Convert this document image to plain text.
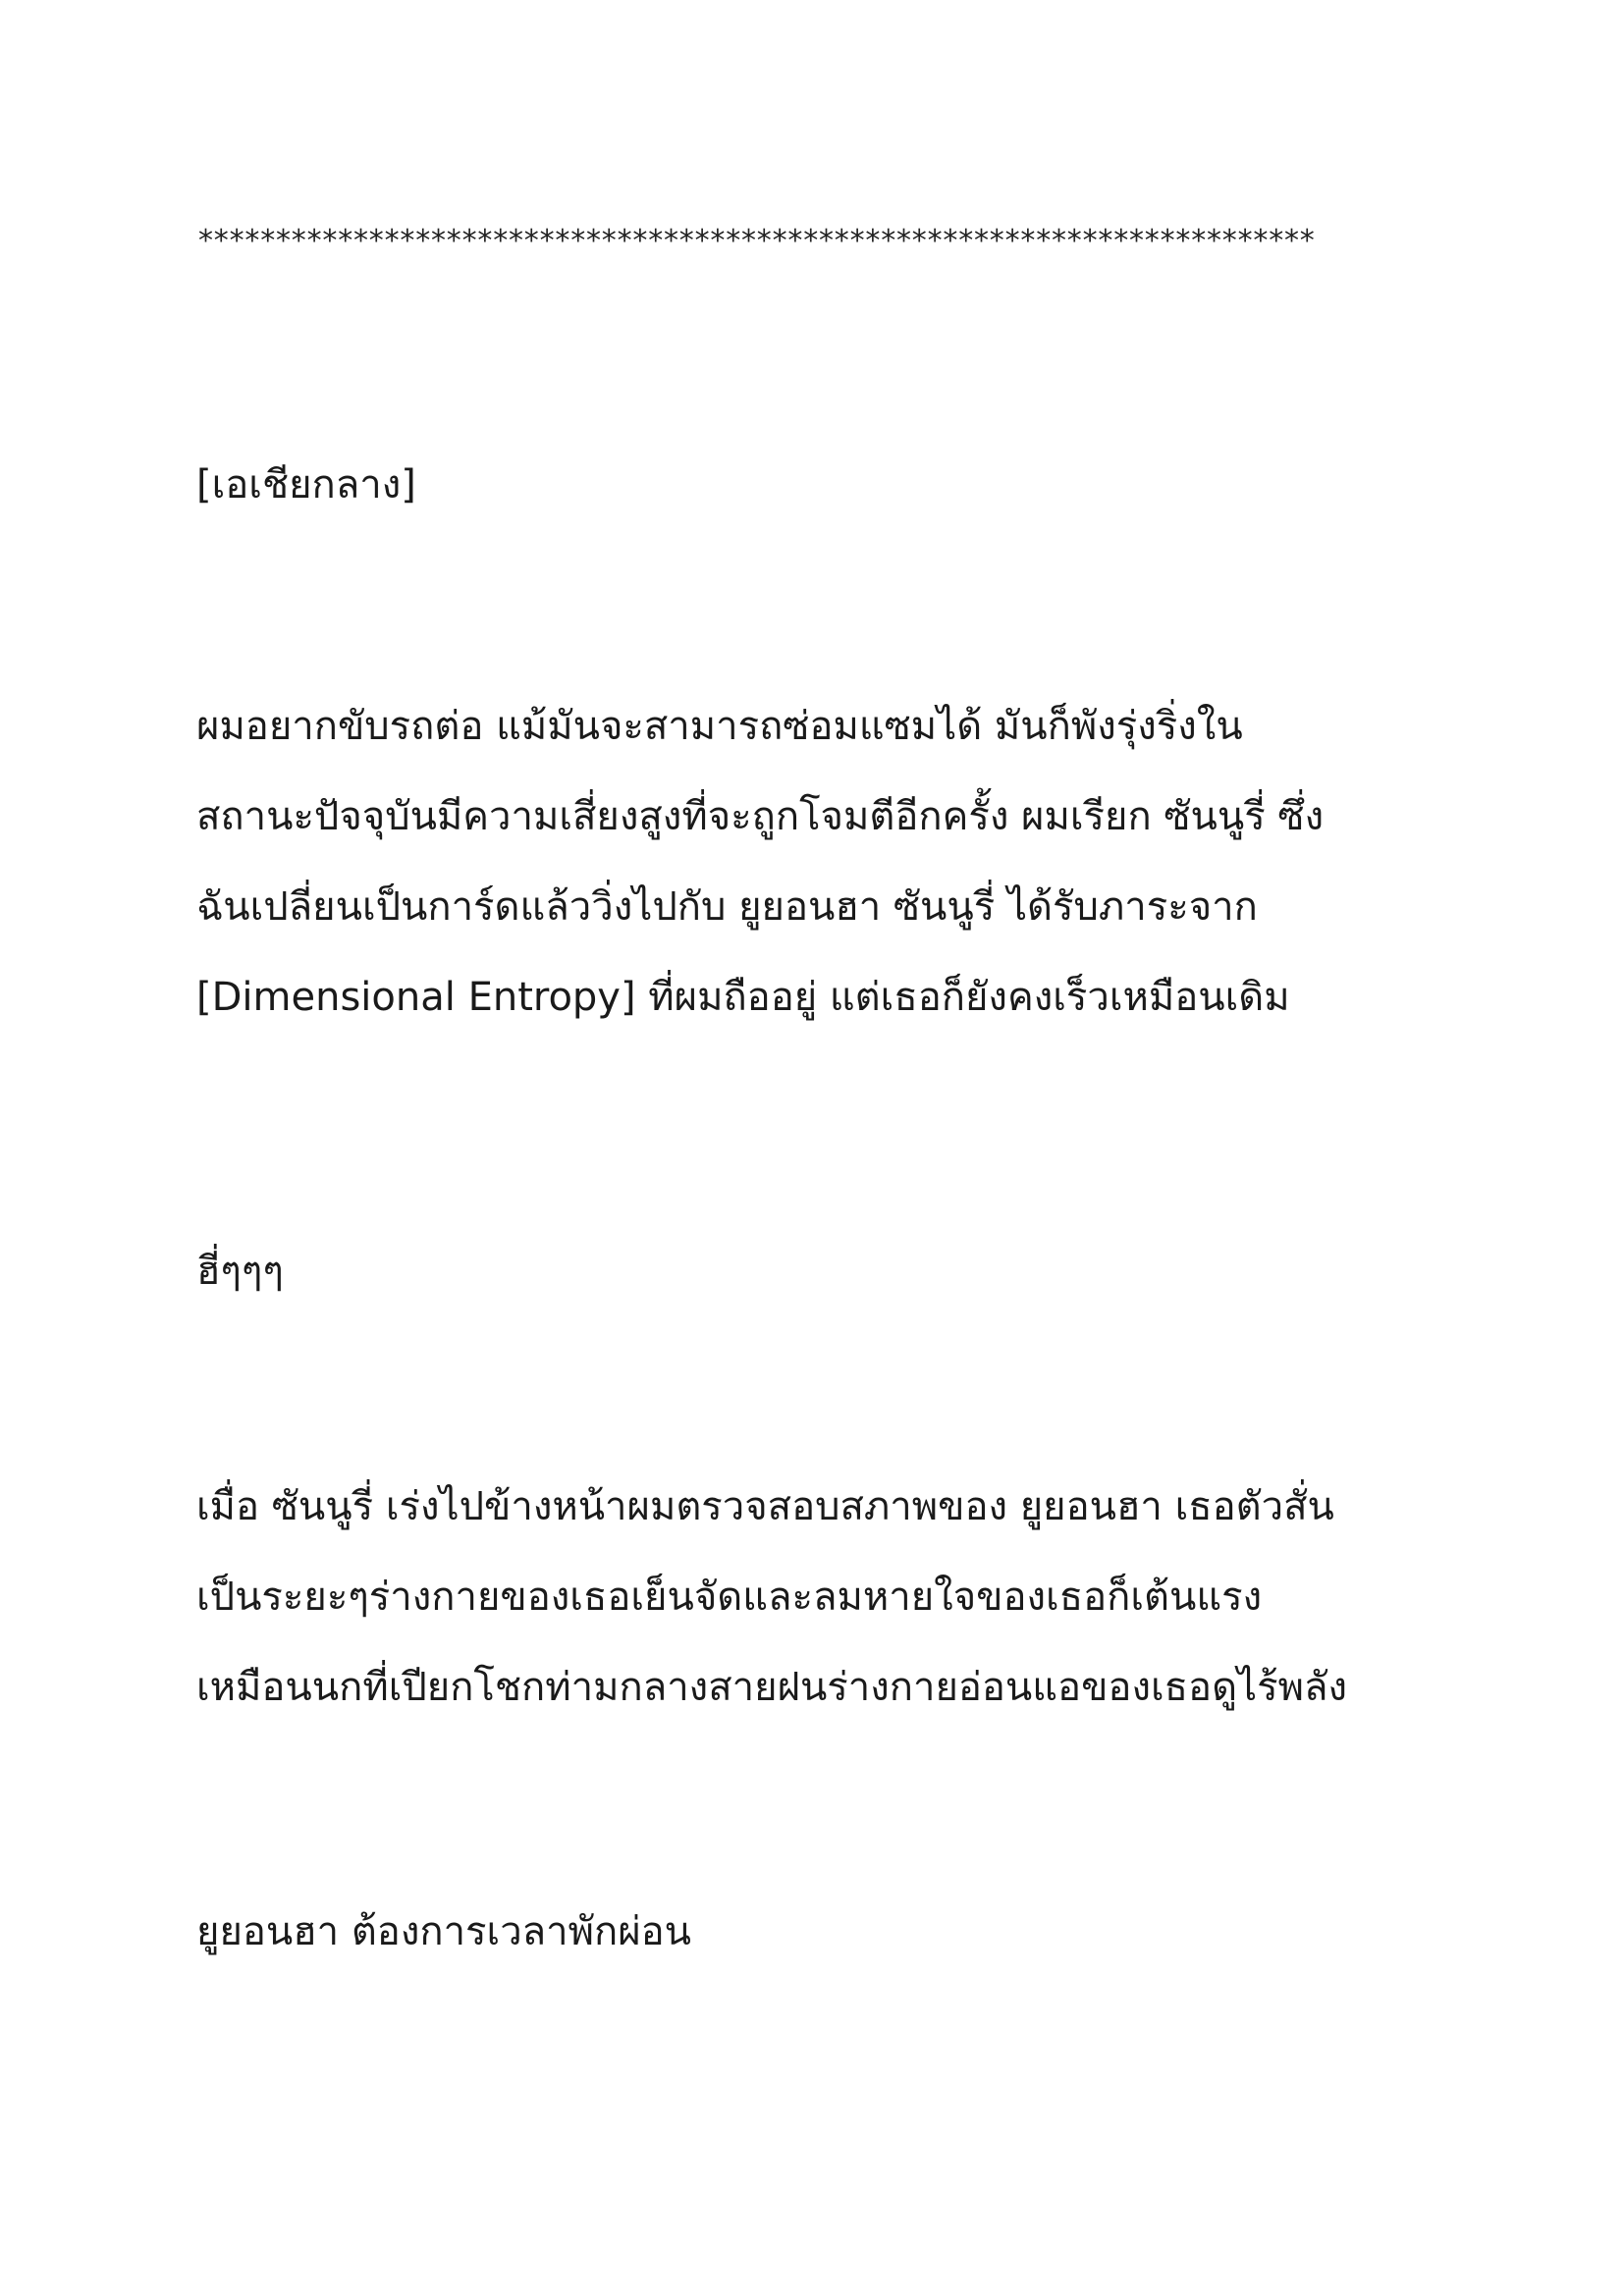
************************************************************************

[เอเชียกลาง]

ผมอยากขับรถต่อ แม้มันจะสามารถซ่อมแซมได้ มันก็พังรุ่งริ่งใน

สถานะปัจจุบันมีความเสี่ยงสูงที่จะถูกโจมตีอีกครั้ง ผมเรียก ซันนูรี่ ซึ่ง

ฉันเปลี่ยนเป็นการ์ดแล้ววิ่งไปกับ ยูยอนฮา ซันนูรี่ ได้รับภาระจาก

[Dimensional Entropy] ที่ผมถืออยู่ แต่เธอก็ยังคงเร็วเหมือนเดิม

ฮี่ๆๆๆ

เมื่อ ซันนูรี่ เร่งไปข้างหน้าผมตรวจสอบสภาพของ ยูยอนฮา เธอตัวสั่น

เป็นระยะๆร่างกายของเธอเย็นจัดและลมหายใจของเธอก็เต้นแรง

เหมือนนกที่เปียกโชกท่ามกลางสายฝนร่างกายอ่อนแอของเธอดูไร้พลัง

ยูยอนฮา ต้องการเวลาพักผ่อน
